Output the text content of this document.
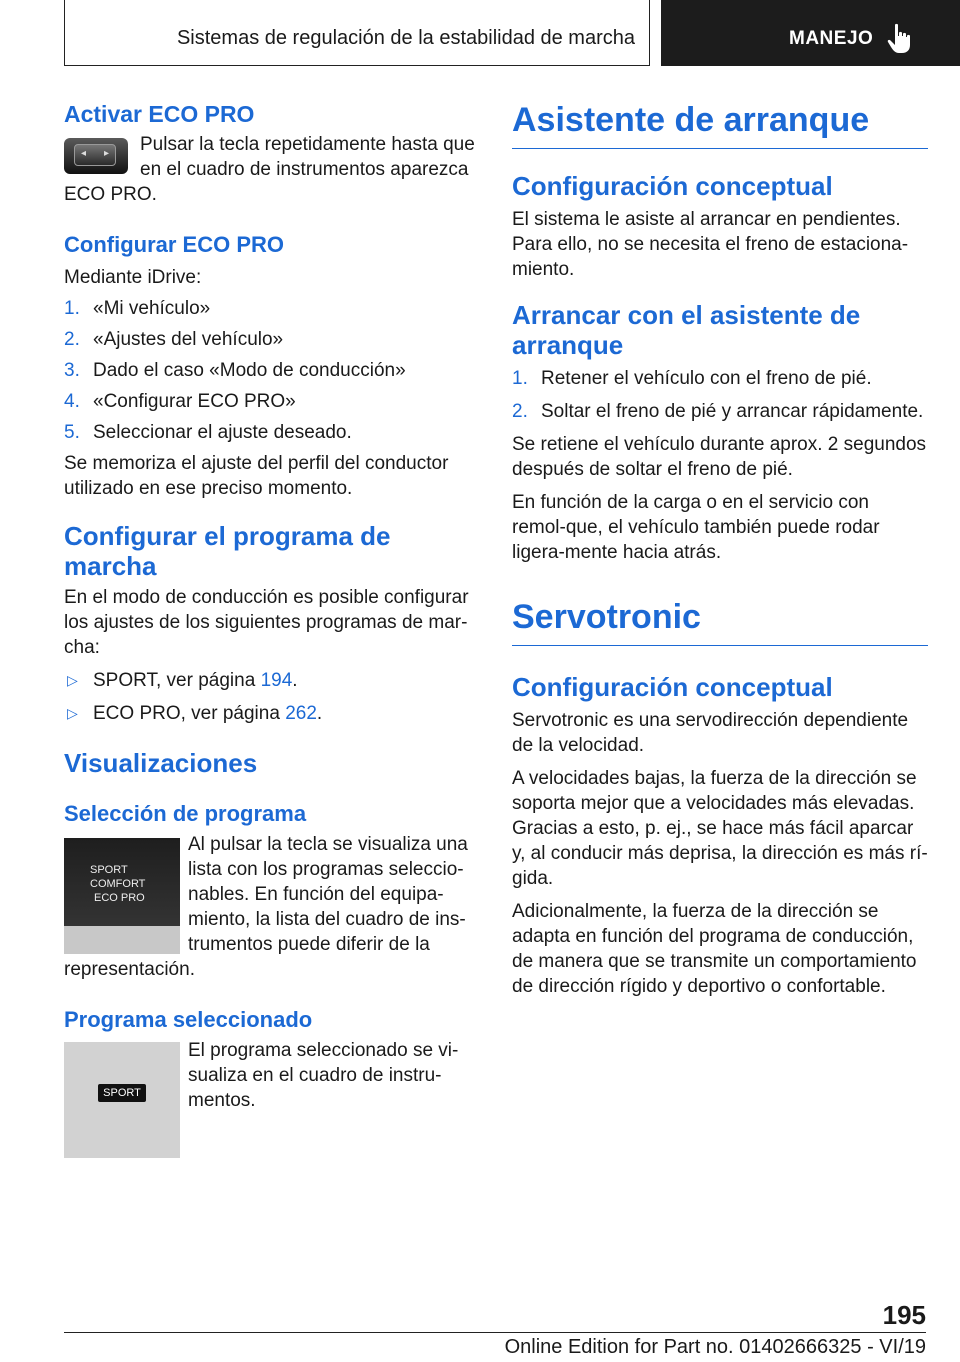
Sistemas de regulación de la estabilidad de marcha	MANEJO
Activar ECO PRO
◂ ▸	Pulsar la tecla repetidamente hasta que en el cuadro de instrumentos aparezca ECO PRO.

Configurar ECO PRO

Mediante iDrive:

1. «Mi vehículo»
2. «Ajustes del vehículo»
3. Dado el caso «Modo de conducción»
4. «Configurar ECO PRO»
5. Seleccionar el ajuste deseado.

Se memoriza el ajuste del perfil del conductor utilizado en ese preciso momento.

Configurar el programa de marcha

En el modo de conducción es posible configurar los ajustes de los siguientes programas de mar-cha:

▷ SPORT, ver página 194.
▷ ECO PRO, ver página 262.
Visualizaciones
Selección de programa
SPORT
COMFORT
ECO PRO

Al pulsar la tecla se visualiza una lista con los programas seleccio-nables. En función del equipa-miento, la lista del cuadro de ins-trumentos puede diferir de la representación.

Programa seleccionado
SPORT

El programa seleccionado se vi-sualiza en el cuadro de instru-mentos.

Asistente de arranque
Configuración conceptual

El sistema le asiste al arrancar en pendientes. Para ello, no se necesita el freno de estaciona-miento.

Arrancar con el asistente de arranque
1. Retener el vehículo con el freno de pié.
2. Soltar el freno de pié y arrancar rápidamente.

Se retiene el vehículo durante aprox. 2 segundos después de soltar el freno de pié.

En función de la carga o en el servicio con remol-que, el vehículo también puede rodar ligera-mente hacia atrás.

Servotronic
Configuración conceptual

Servotronic es una servodirección dependiente de la velocidad.

A velocidades bajas, la fuerza de la dirección se soporta mejor que a velocidades más elevadas. Gracias a esto, p. ej., se hace más fácil aparcar y, al conducir más deprisa, la dirección es más rí-gida.

Adicionalmente, la fuerza de la dirección se adapta en función del programa de conducción, de manera que se transmite un comportamiento de dirección rígido y deportivo o confortable.

195
Online Edition for Part no. 01402666325 - VI/19
